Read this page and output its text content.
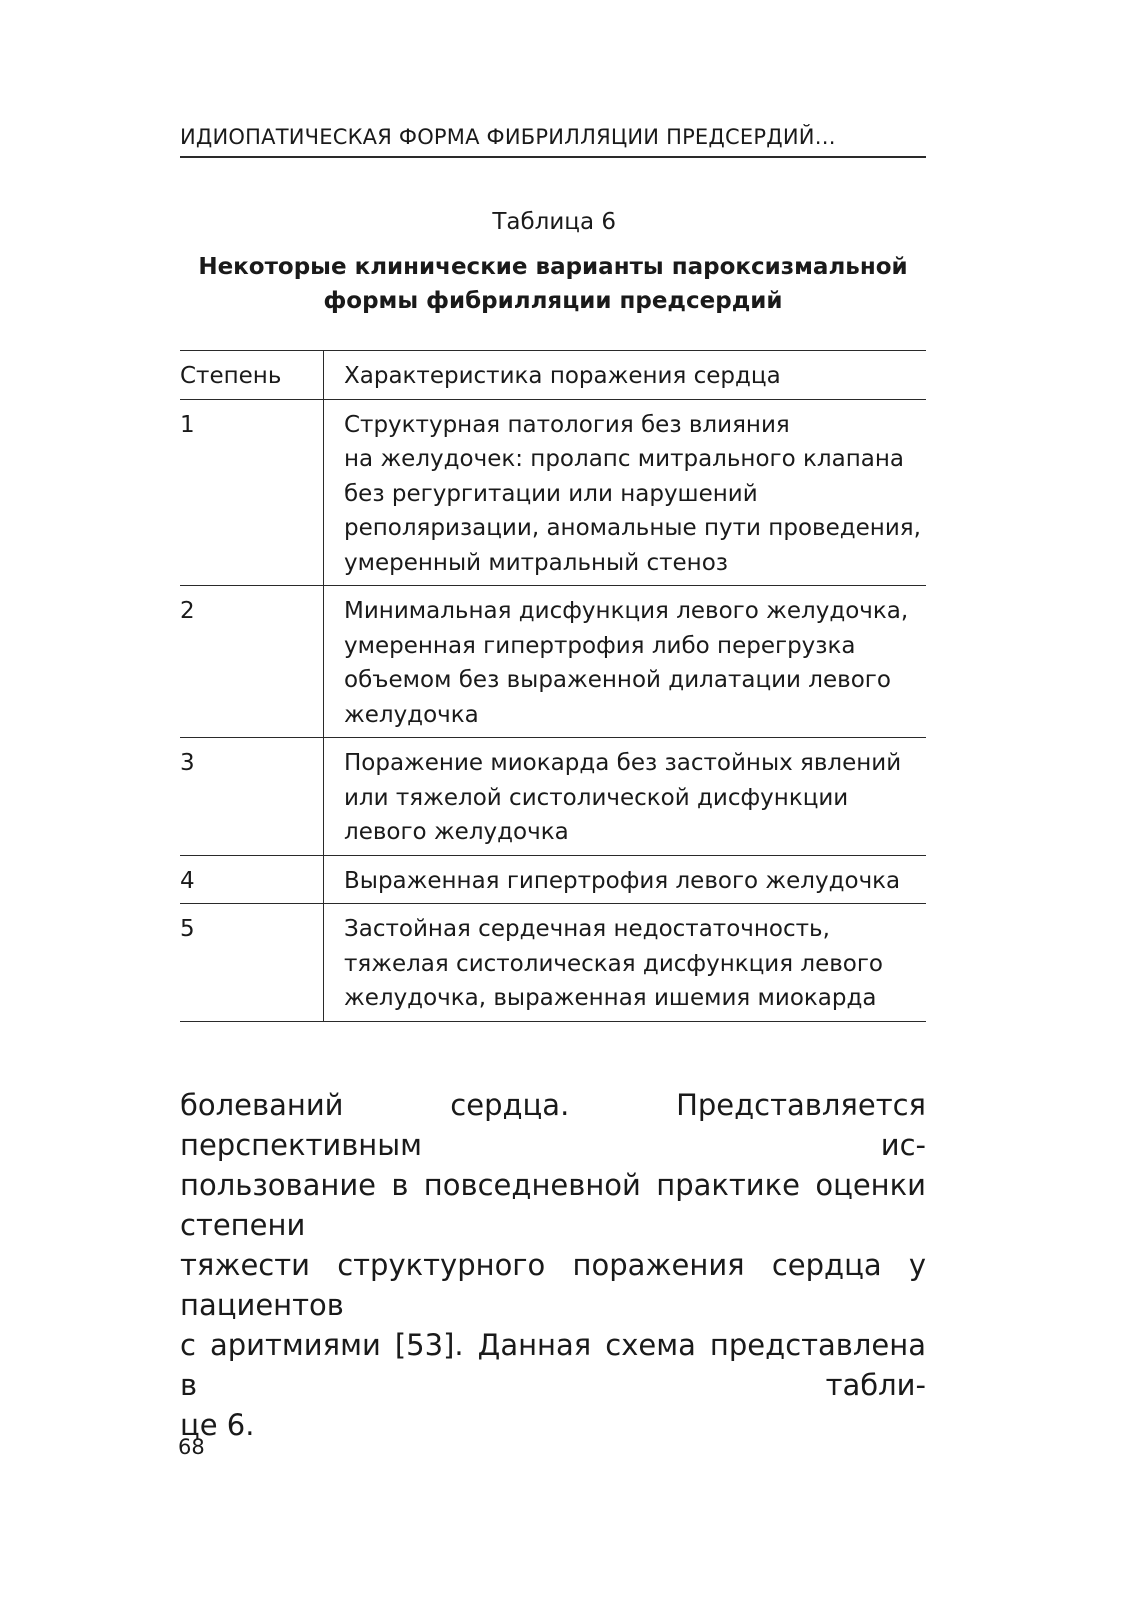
ИДИОПАТИЧЕСКАЯ ФОРМА ФИБРИЛЛЯЦИИ ПРЕДСЕРДИЙ…
Таблица 6
Некоторые клинические варианты пароксизмальной
формы фибрилляции предсердий
Степень	Характеристика поражения сердца
1	Структурная патология без влияния
на желудочек: пролапс митрального клапана
без регургитации или нарушений
реполяризации, аномальные пути проведения,
умеренный митральный стеноз

2	Минимальная дисфункция левого желудочка,
умеренная гипертрофия либо перегрузка
объемом без выраженной дилатации левого
желудочка

3	Поражение миокарда без застойных явлений
или тяжелой систолической дисфункции
левого желудочка

4	Выраженная гипертрофия левого желудочка

5	Застойная сердечная недостаточность,
тяжелая систолическая дисфункция левого
желудочка, выраженная ишемия миокарда
болеваний сердца. Представляется перспективным ис-
пользование в повседневной практике оценки степени
тяжести структурного поражения сердца у пациентов
с аритмиями [53]. Данная схема представлена в табли-
це 6.
68
